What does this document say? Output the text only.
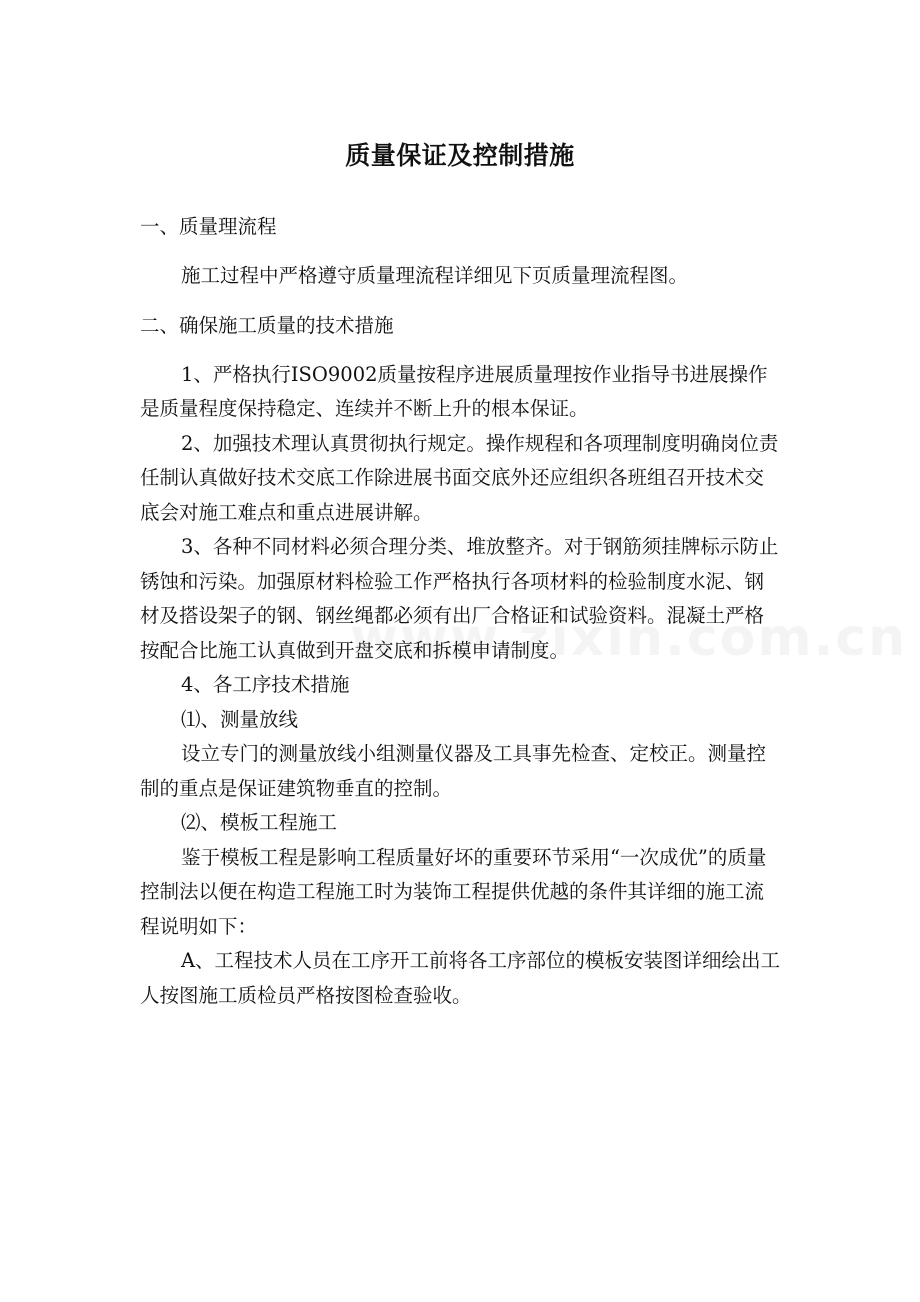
质量保证及控制措施

一、质量理流程

施工过程中严格遵守质量理流程详细见下页质量理流程图。

二、确保施工质量的技术措施

1、严格执行ISO9002质量按程序进展质量理按作业指导书进展操作是质量程度保持稳定、连续并不断上升的根本保证。

2、加强技术理认真贯彻执行规定。操作规程和各项理制度明确岗位责任制认真做好技术交底工作除进展书面交底外还应组织各班组召开技术交底会对施工难点和重点进展讲解。

3、各种不同材料必须合理分类、堆放整齐。对于钢筋须挂牌标示防止锈蚀和污染。加强原材料检验工作严格执行各项材料的检验制度水泥、钢材及搭设架子的钢、钢丝绳都必须有出厂合格证和试验资料。混凝土严格按配合比施工认真做到开盘交底和拆模申请制度。

4、各工序技术措施

⑴、测量放线

设立专门的测量放线小组测量仪器及工具事先检查、定校正。测量控制的重点是保证建筑物垂直的控制。

⑵、模板工程施工

鉴于模板工程是影响工程质量好坏的重要环节采用“一次成优”的质量控制法以便在构造工程施工时为装饰工程提供优越的条件其详细的施工流程说明如下：

A、工程技术人员在工序开工前将各工序部位的模板安装图详细绘出工人按图施工质检员严格按图检查验收。
